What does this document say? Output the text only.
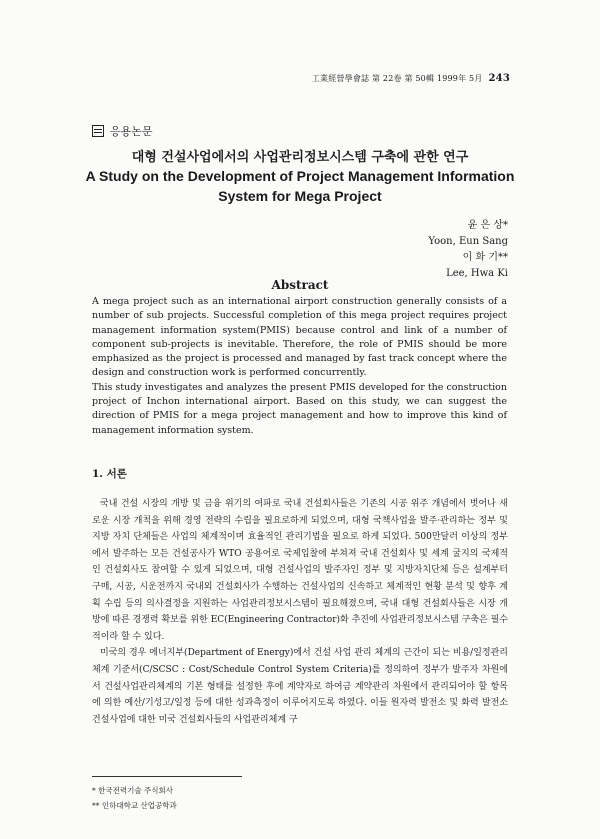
工業經營學會誌 第 22卷 第 50輯 1999年 5月 243
응용논문
대형 건설사업에서의 사업관리정보시스템 구축에 관한 연구
A Study on the Development of Project Management Information System for Mega Project
윤 은 상*
Yoon, Eun Sang
이 화 기**
Lee, Hwa Ki
Abstract

A mega project such as an international airport construction generally consists of a number of sub projects. Successful completion of this mega project requires project management information system(PMIS) because control and link of a number of component sub-projects is inevitable. Therefore, the role of PMIS should be more emphasized as the project is processed and managed by fast track concept where the design and construction work is performed concurrently.

This study investigates and analyzes the present PMIS developed for the construction project of Inchon international airport. Based on this study, we can suggest the direction of PMIS for a mega project management and how to improve this kind of management information system.

1. 서론

국내 건설 시장의 개방 및 금융 위기의 여파로 국내 건설회사들은 기존의 시공 위주 개념에서 벗어나 새로운 시장 개척을 위해 경영 전략의 수립을 필요로하게 되었으며, 대형 국책사업을 발주·관리하는 정부 및 지방 자치 단체들은 사업의 체계적이며 효율적인 관리기법을 필요로 하게 되었다. 500만달러 이상의 정부에서 발주하는 모든 건설공사가 WTO 공용어로 국제입찰에 부쳐져 국내 건설회사 및 세계 굴지의 국제적인 건설회사도 참여할 수 있게 되었으며, 대형 건설사업의 발주자인 정부 및 지방자치단체 등은 설계부터 구매, 시공, 시운전까지 국내외 건설회사가 수행하는 건설사업의 신속하고 체계적인 현황 분석 및 향후 계획 수립 등의 의사결정을 지원하는 사업관리정보시스템이 필요해졌으며, 국내 대형 건설회사들은 시장 개방에 따른 경쟁력 확보를 위한 EC(Engineering Contractor)화 추진에 사업관리정보시스템 구축은 필수적이라 할 수 있다.

미국의 경우 에너지부(Department of Energy)에서 건설 사업 관리 체계의 근간이 되는 비용/일정관리체계 기준서(C/SCSC : Cost/Schedule Control System Criteria)를 정의하여 정부가 발주자 차원에서 건설사업관리체계의 기본 형태를 설정한 후에 계약자로 하여금 계약관리 차원에서 관리되어야 할 항목에 의한 예산/기성고/일정 등에 대한 성과측정이 이루어지도록 하였다. 이들 원자력 발전소 및 화력 발전소 건설사업에 대한 미국 건설회사들의 사업관리체계 구

* 한국전력기술 주식회사
** 인하대학교 산업공학과
